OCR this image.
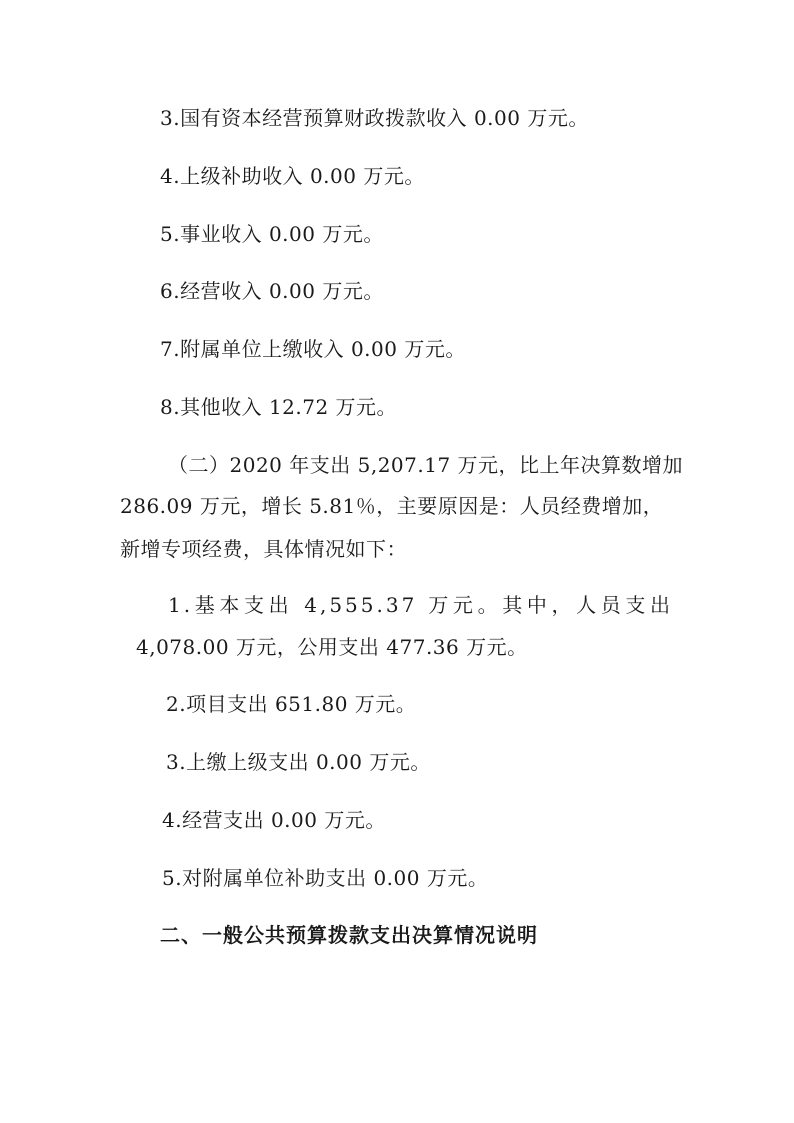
3.国有资本经营预算财政拨款收入 0.00 万元。
4.上级补助收入 0.00 万元。
5.事业收入 0.00 万元。
6.经营收入 0.00 万元。
7.附属单位上缴收入 0.00 万元。
8.其他收入 12.72 万元。
（二）2020 年支出 5,207.17 万元，比上年决算数增加
286.09 万元，增长 5.81％，主要原因是：人员经费增加，
新增专项经费，具体情况如下：
1.基本支出 4,555.37 万元。其中，人员支出
4,078.00 万元，公用支出 477.36 万元。
2.项目支出 651.80 万元。
3.上缴上级支出 0.00 万元。
4.经营支出 0.00 万元。
5.对附属单位补助支出 0.00 万元。
二、一般公共预算拨款支出决算情况说明
